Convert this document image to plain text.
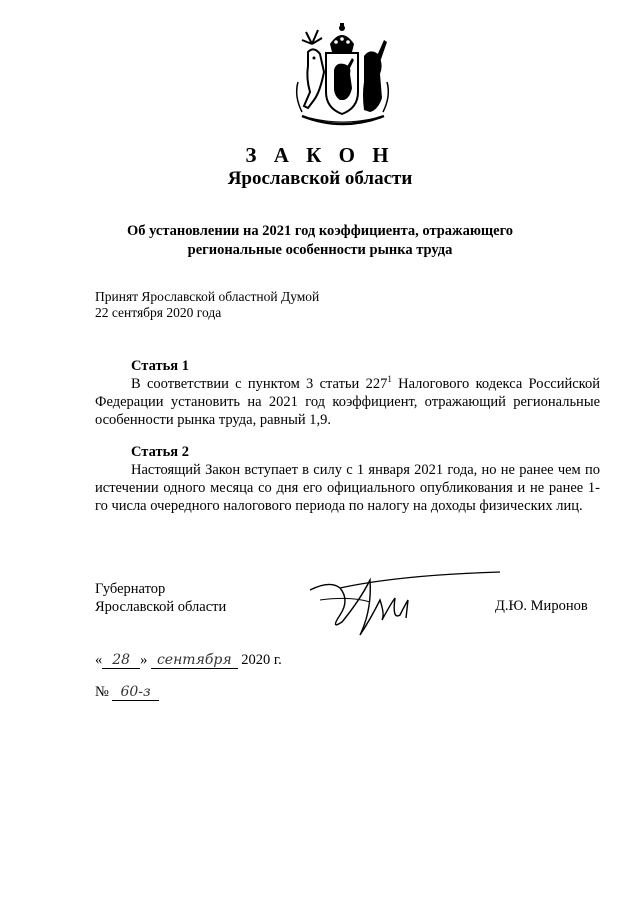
З А К О Н
Ярославской области
Об установлении на 2021 год коэффициента, отражающего
региональные особенности рынка труда
Принят Ярославской областной Думой
22 сентября 2020 года
Статья 1
В соответствии с пунктом 3 статьи $227^1$ Налогового кодекса Российской Федерации установить на 2021 год коэффициент, отражающий региональные особенности рынка труда, равный 1,9.
Статья 2
Настоящий Закон вступает в силу с 1 января 2021 года, но не ранее чем по истечении одного месяца со дня его официального опубликования и не ранее 1-го числа очередного налогового периода по налогу на доходы физических лиц.
Губернатор
Ярославской области	Д.Ю. Миронов
« 28 » сентября 2020 г.
№ 60-з
